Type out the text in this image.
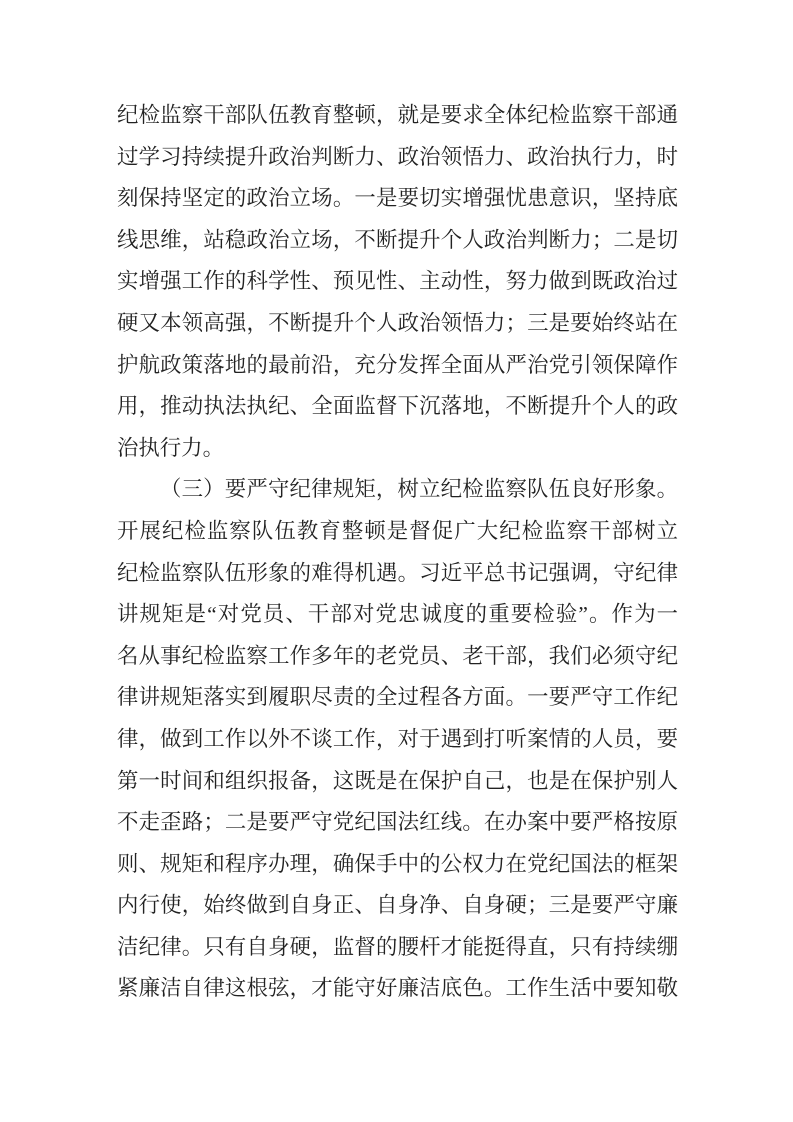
纪检监察干部队伍教育整顿，就是要求全体纪检监察干部通
过学习持续提升政治判断力、政治领悟力、政治执行力，时
刻保持坚定的政治立场。一是要切实增强忧患意识，坚持底
线思维，站稳政治立场，不断提升个人政治判断力；二是切
实增强工作的科学性、预见性、主动性，努力做到既政治过
硬又本领高强，不断提升个人政治领悟力；三是要始终站在
护航政策落地的最前沿，充分发挥全面从严治党引领保障作
用，推动执法执纪、全面监督下沉落地，不断提升个人的政
治执行力。
（三）要严守纪律规矩，树立纪检监察队伍良好形象。
开展纪检监察队伍教育整顿是督促广大纪检监察干部树立
纪检监察队伍形象的难得机遇。习近平总书记强调，守纪律
讲规矩是“对党员、干部对党忠诚度的重要检验”。作为一
名从事纪检监察工作多年的老党员、老干部，我们必须守纪
律讲规矩落实到履职尽责的全过程各方面。一要严守工作纪
律，做到工作以外不谈工作，对于遇到打听案情的人员，要
第一时间和组织报备，这既是在保护自己，也是在保护别人
不走歪路；二是要严守党纪国法红线。在办案中要严格按原
则、规矩和程序办理，确保手中的公权力在党纪国法的框架
内行使，始终做到自身正、自身净、自身硬；三是要严守廉
洁纪律。只有自身硬，监督的腰杆才能挺得直，只有持续绷
紧廉洁自律这根弦，才能守好廉洁底色。工作生活中要知敬
